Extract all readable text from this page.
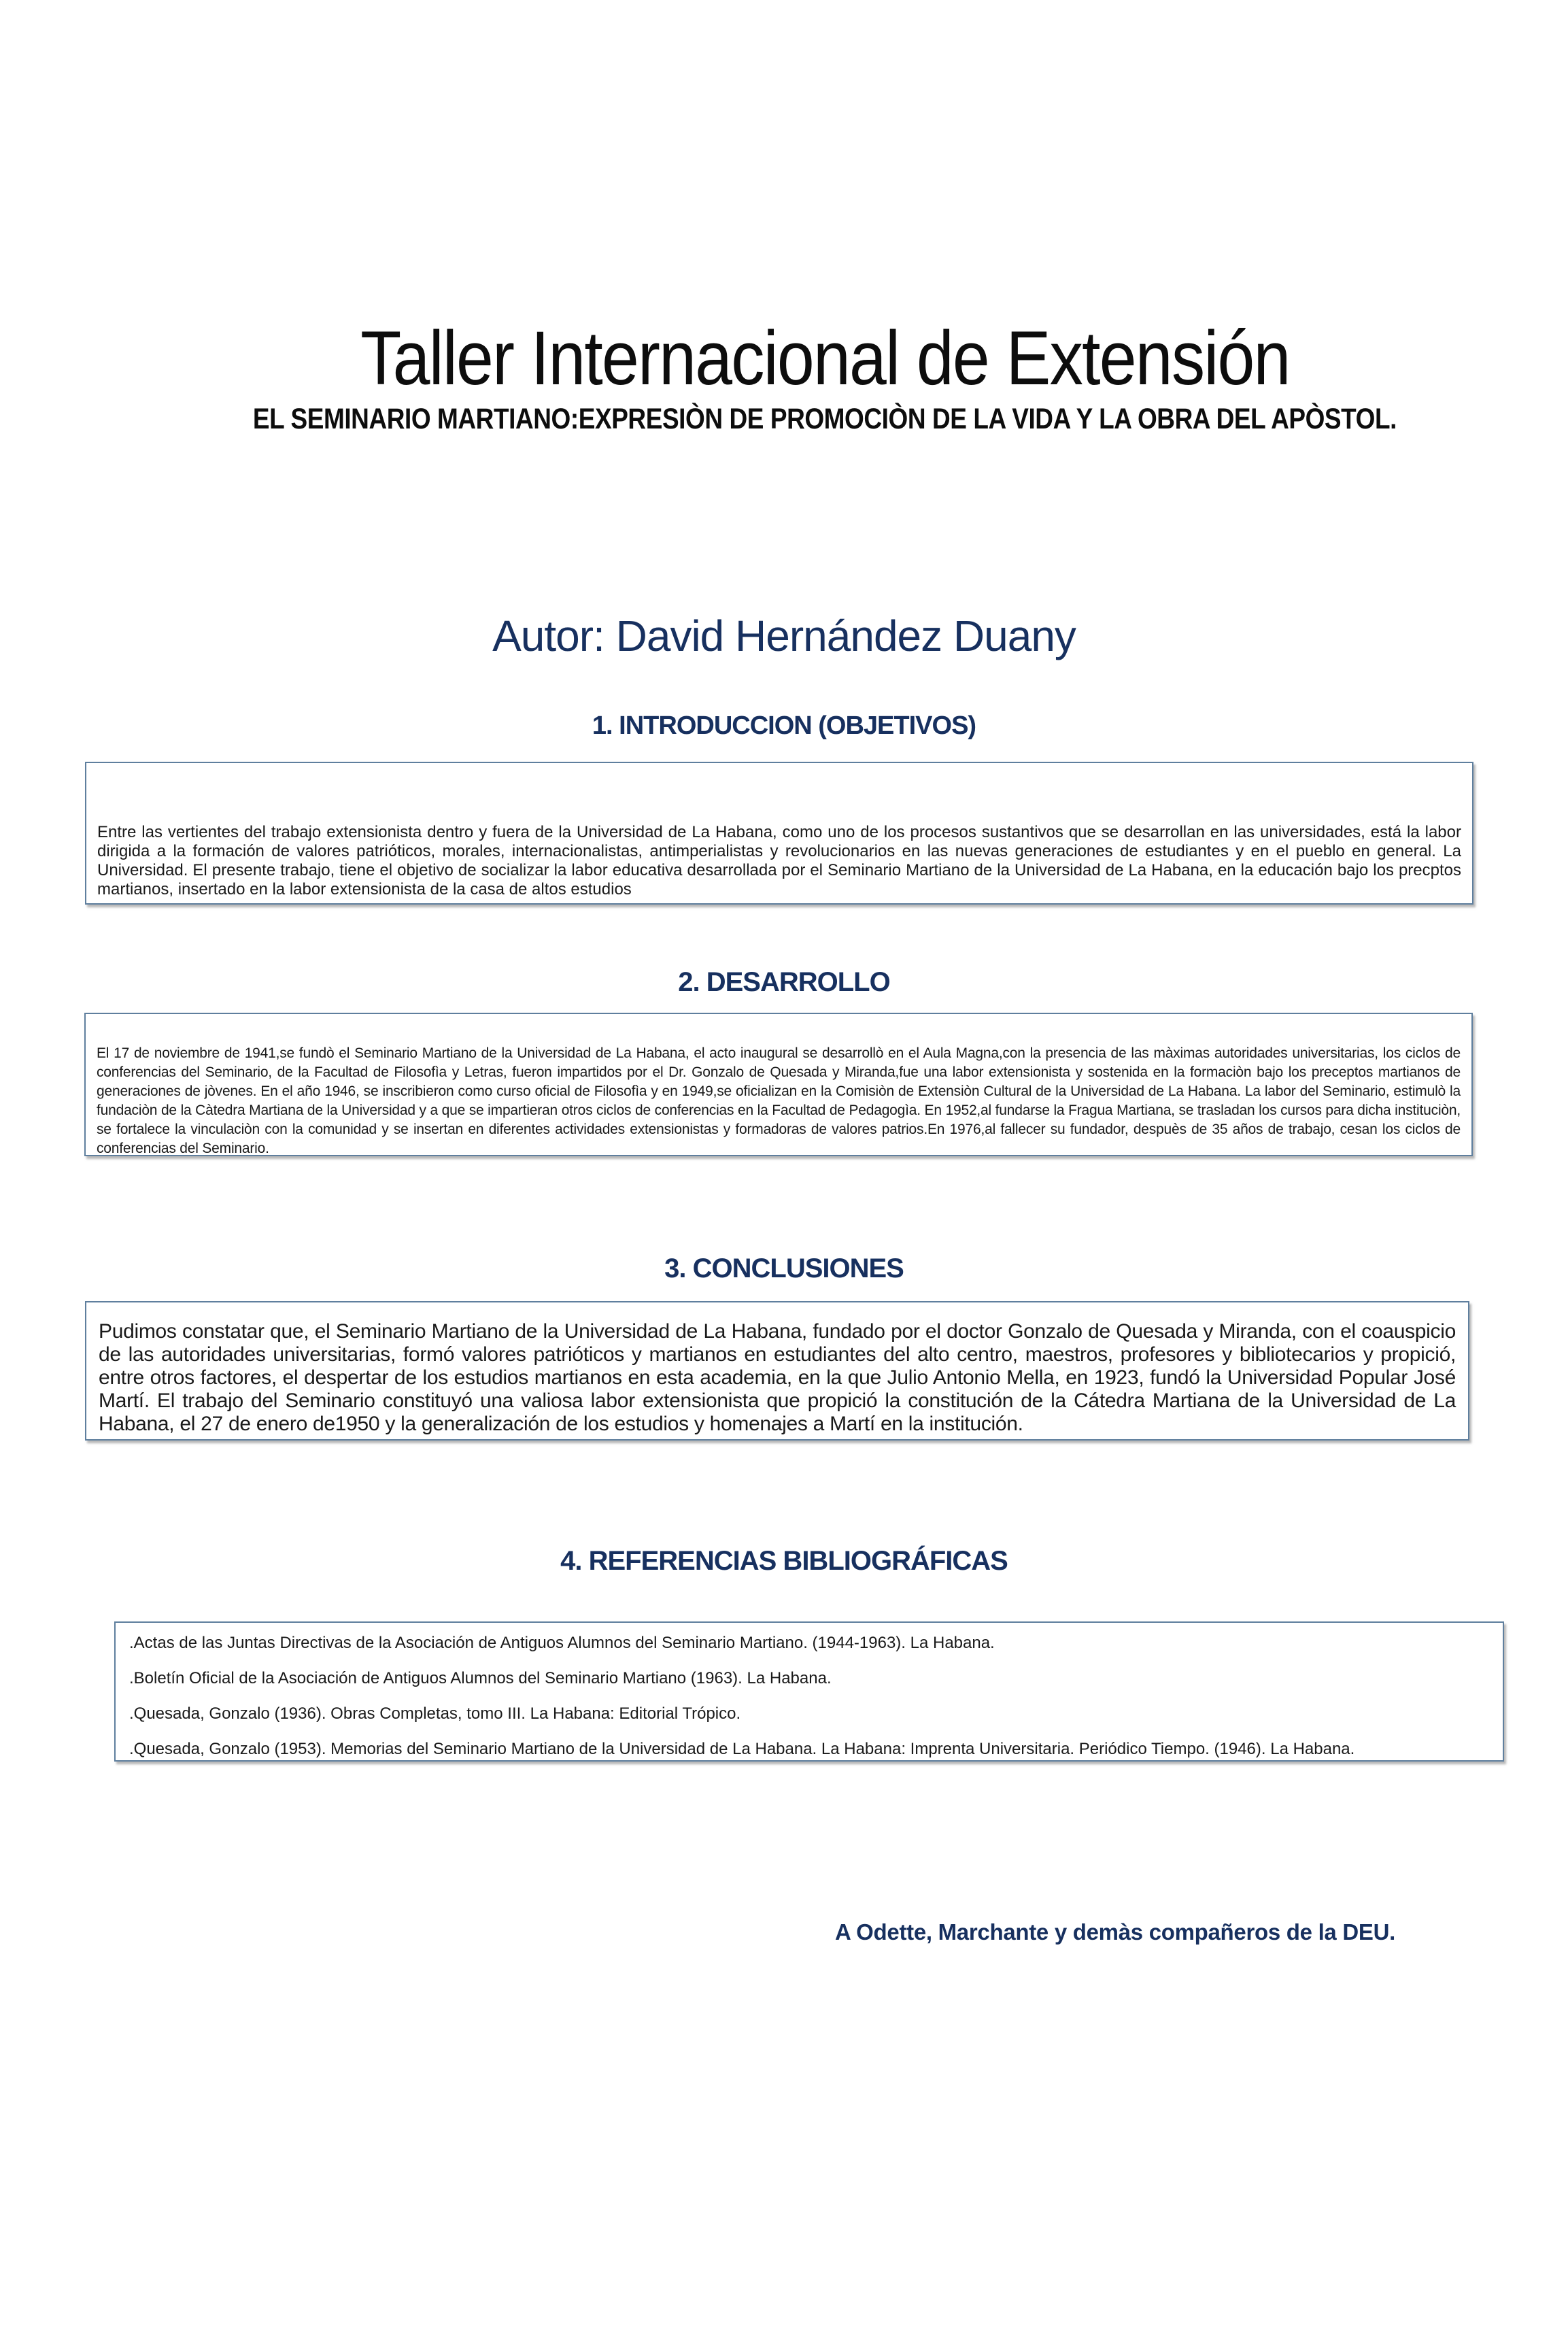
Taller Internacional de Extensión
EL SEMINARIO MARTIANO:EXPRESIÒN DE PROMOCIÒN DE LA VIDA Y LA OBRA DEL APÒSTOL.
Autor: David Hernández Duany
1. INTRODUCCION (OBJETIVOS)
Entre las vertientes del trabajo extensionista dentro y fuera de la Universidad de La Habana, como uno de los procesos sustantivos que se desarrollan en las universidades, está la labor dirigida a la formación de valores patrióticos, morales, internacionalistas, antimperialistas y revolucionarios en las nuevas generaciones de estudiantes y en el pueblo en general. La Universidad. El presente trabajo, tiene el objetivo de socializar la labor educativa desarrollada por el Seminario Martiano de la Universidad de La Habana, en la educación bajo los precptos martianos, insertado en la labor extensionista de la casa de altos estudios
2. DESARROLLO
El 17 de noviembre de 1941,se fundò el Seminario Martiano de la Universidad de La Habana, el acto inaugural se desarrollò en el Aula Magna,con la presencia de las màximas autoridades universitarias, los ciclos de conferencias del Seminario, de la Facultad de Filosofìa y Letras, fueron impartidos por el Dr. Gonzalo de Quesada y Miranda,fue una labor extensionista y sostenida en la formaciòn bajo los preceptos martianos de generaciones de jòvenes. En el año 1946, se inscribieron como curso oficial de Filosofìa y en 1949,se oficializan en la Comisiòn de Extensiòn Cultural de la Universidad de La Habana. La labor del Seminario, estimulò la fundaciòn de la Càtedra Martiana de la Universidad y a que se impartieran otros ciclos de conferencias en la Facultad de Pedagogìa. En 1952,al fundarse la Fragua Martiana, se trasladan los cursos para dicha instituciòn, se fortalece la vinculaciòn con la comunidad y se insertan en diferentes actividades extensionistas y formadoras de valores patrios.En 1976,al fallecer su fundador, despuès de 35 años de trabajo, cesan los ciclos de conferencias del Seminario.
3. CONCLUSIONES
Pudimos constatar que, el Seminario Martiano de la Universidad de La Habana, fundado por el doctor Gonzalo de Quesada y Miranda, con el coauspicio de las autoridades universitarias, formó valores patrióticos y martianos en estudiantes del alto centro, maestros, profesores y bibliotecarios y propició, entre otros factores, el despertar de los estudios martianos en esta academia, en la que Julio Antonio Mella, en 1923, fundó la Universidad Popular José Martí. El trabajo del Seminario constituyó una valiosa labor extensionista que propició la constitución de la Cátedra Martiana de la Universidad de La Habana, el 27 de enero de1950 y la generalización de los estudios y homenajes a Martí en la institución.
4. REFERENCIAS BIBLIOGRÁFICAS
.Actas de las Juntas Directivas de la Asociación de Antiguos Alumnos del Seminario Martiano. (1944-1963). La Habana.
.Boletín Oficial de la Asociación de Antiguos Alumnos del Seminario Martiano (1963). La Habana.
.Quesada, Gonzalo (1936). Obras Completas, tomo III. La Habana: Editorial Trópico.
.Quesada, Gonzalo (1953). Memorias del Seminario Martiano de la Universidad de La Habana. La Habana: Imprenta Universitaria. Periódico Tiempo. (1946). La Habana.
A Odette, Marchante y demàs compañeros de la DEU.
